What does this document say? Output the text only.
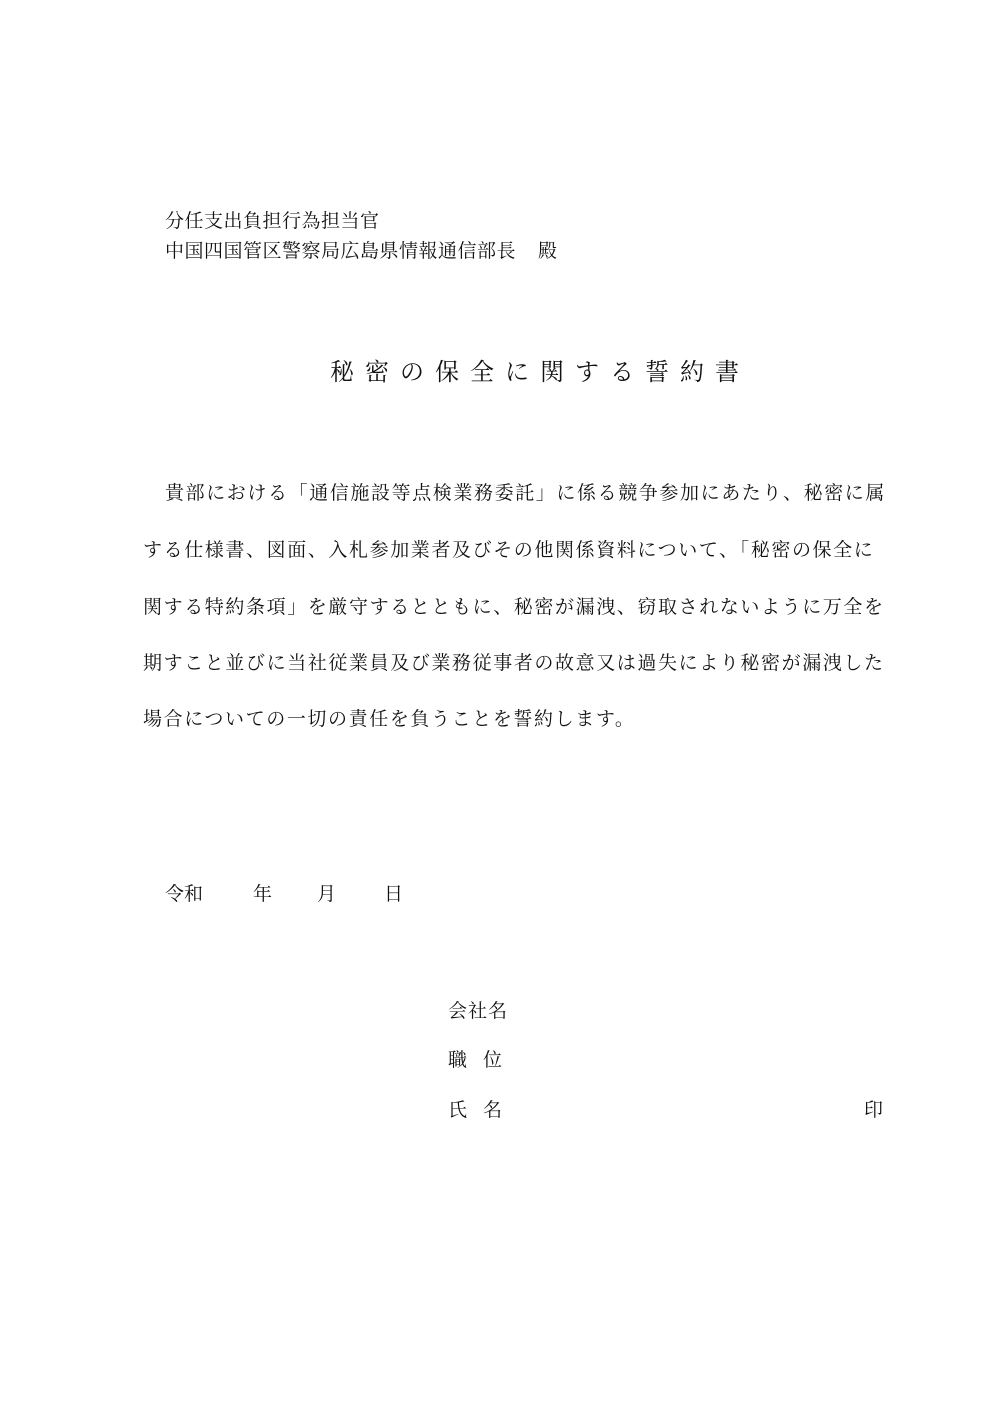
分任支出負担行為担当官
中国四国管区警察局広島県情報通信部長 殿
秘密の保全に関する誓約書
貴部における「通信施設等点検業務委託」に係る競争参加にあたり、秘密に属
する仕様書、図面、入札参加業者及びその他関係資料について、「秘密の保全に
関する特約条項」を厳守するとともに、秘密が漏洩、窃取されないように万全を
期すこと並びに当社従業員及び業務従事者の故意又は過失により秘密が漏洩した
場合についての一切の責任を負うことを誓約します。
令和	年 月	日
会社名
職位
氏名	印
